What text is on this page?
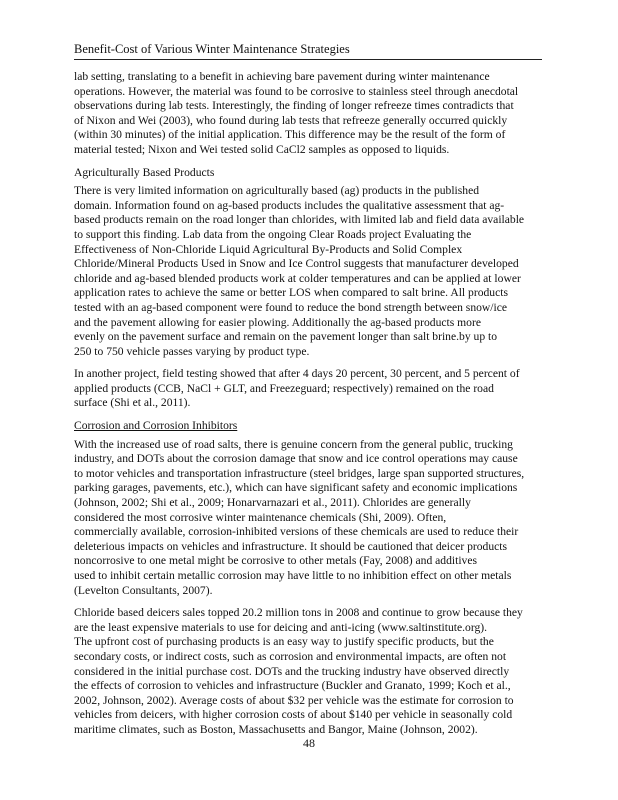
Benefit-Cost of Various Winter Maintenance Strategies
lab setting, translating to a benefit in achieving bare pavement during winter maintenance
operations. However, the material was found to be corrosive to stainless steel through anecdotal
observations during lab tests. Interestingly, the finding of longer refreeze times contradicts that
of Nixon and Wei (2003), who found during lab tests that refreeze generally occurred quickly
(within 30 minutes) of the initial application. This difference may be the result of the form of
material tested; Nixon and Wei tested solid CaCl2 samples as opposed to liquids.
Agriculturally Based Products
There is very limited information on agriculturally based (ag) products in the published
domain. Information found on ag-based products includes the qualitative assessment that ag-
based products remain on the road longer than chlorides, with limited lab and field data available
to support this finding. Lab data from the ongoing Clear Roads project Evaluating the
Effectiveness of Non-Chloride Liquid Agricultural By-Products and Solid Complex
Chloride/Mineral Products Used in Snow and Ice Control suggests that manufacturer developed
chloride and ag-based blended products work at colder temperatures and can be applied at lower
application rates to achieve the same or better LOS when compared to salt brine. All products
tested with an ag-based component were found to reduce the bond strength between snow/ice
and the pavement allowing for easier plowing. Additionally the ag-based products more
evenly on the pavement surface and remain on the pavement longer than salt brine.by up to
250 to 750 vehicle passes varying by product type.
In another project, field testing showed that after 4 days 20 percent, 30 percent, and 5 percent of
applied products (CCB, NaCl + GLT, and Freezeguard; respectively) remained on the road
surface (Shi et al., 2011).
Corrosion and Corrosion Inhibitors
With the increased use of road salts, there is genuine concern from the general public, trucking
industry, and DOTs about the corrosion damage that snow and ice control operations may cause
to motor vehicles and transportation infrastructure (steel bridges, large span supported structures,
parking garages, pavements, etc.), which can have significant safety and economic implications
(Johnson, 2002; Shi et al., 2009; Honarvarnazari et al., 2011). Chlorides are generally
considered the most corrosive winter maintenance chemicals (Shi, 2009). Often,
commercially available, corrosion-inhibited versions of these chemicals are used to reduce their
deleterious impacts on vehicles and infrastructure. It should be cautioned that deicer products
noncorrosive to one metal might be corrosive to other metals (Fay, 2008) and additives
used to inhibit certain metallic corrosion may have little to no inhibition effect on other metals
(Levelton Consultants, 2007).
Chloride based deicers sales topped 20.2 million tons in 2008 and continue to grow because they
are the least expensive materials to use for deicing and anti-icing (www.saltinstitute.org).
The upfront cost of purchasing products is an easy way to justify specific products, but the
secondary costs, or indirect costs, such as corrosion and environmental impacts, are often not
considered in the initial purchase cost. DOTs and the trucking industry have observed directly
the effects of corrosion to vehicles and infrastructure (Buckler and Granato, 1999; Koch et al.,
2002, Johnson, 2002). Average costs of about $32 per vehicle was the estimate for corrosion to
vehicles from deicers, with higher corrosion costs of about $140 per vehicle in seasonally cold
maritime climates, such as Boston, Massachusetts and Bangor, Maine (Johnson, 2002).
48
